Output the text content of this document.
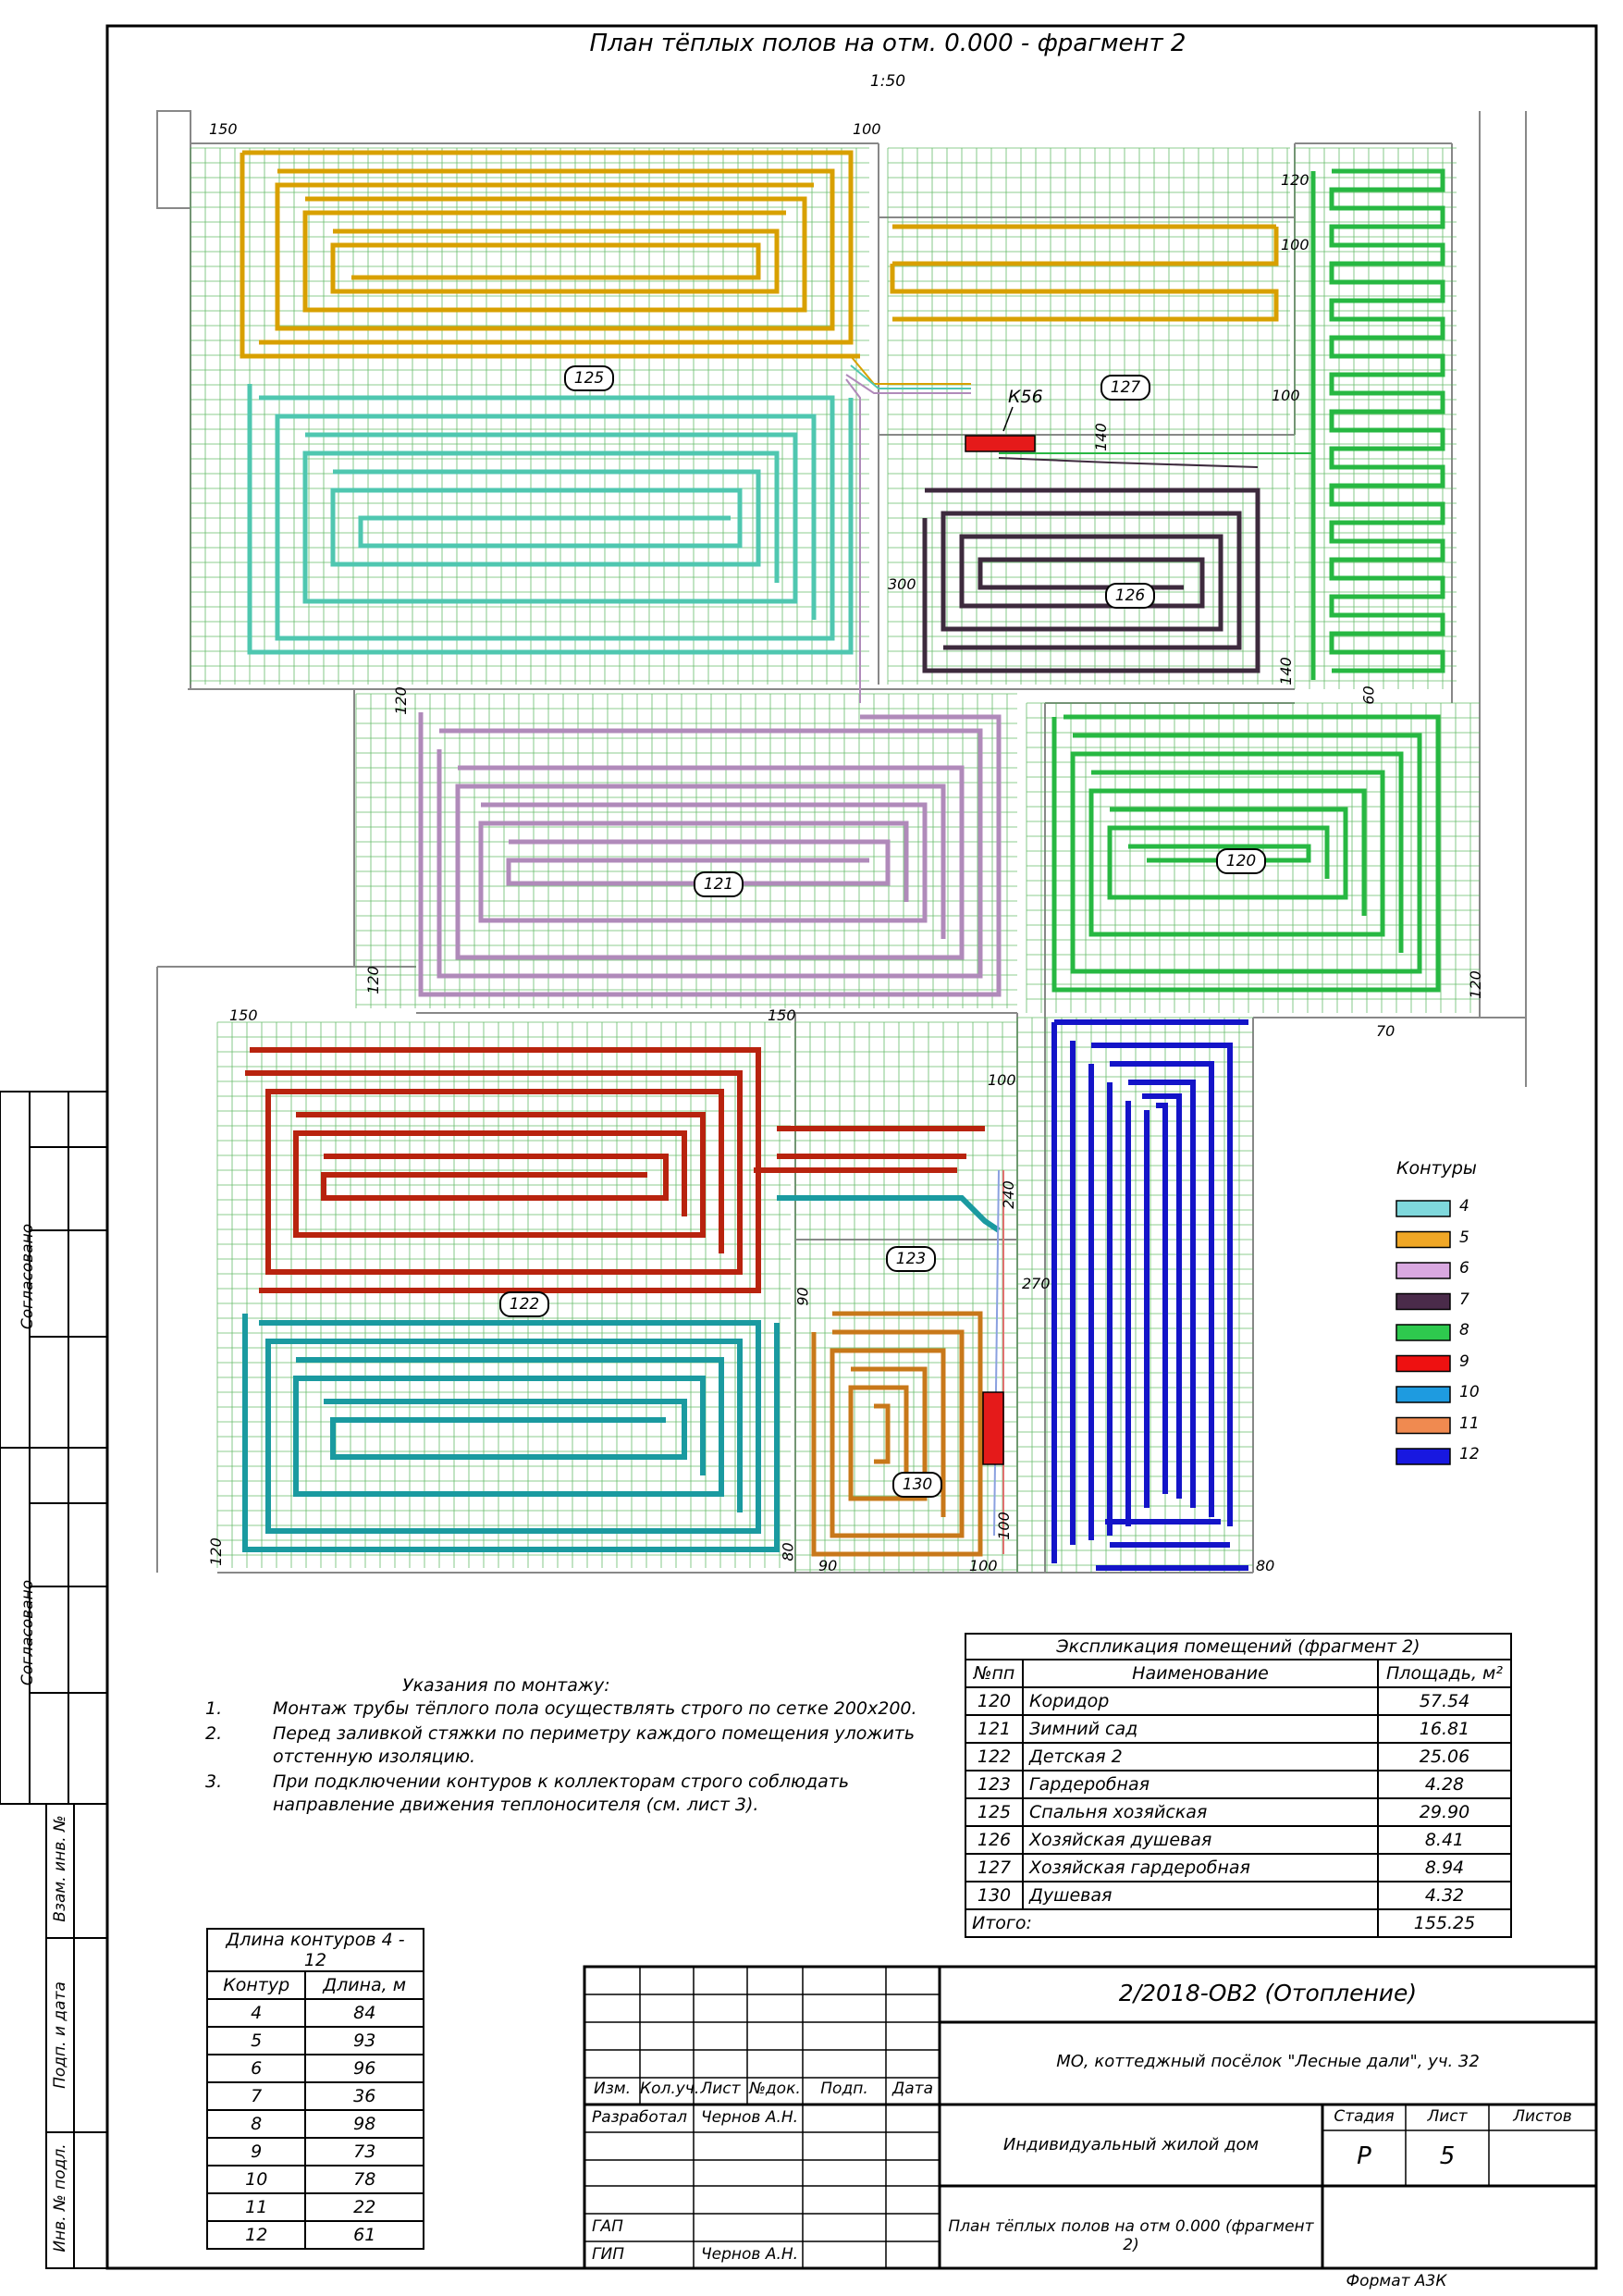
План тёплых полов на отм. 0.000 - фрагмент 2
1:50
125	127
126
121
120
122
123
130
К56
150	100
120
100
100
140
300
140
60
120
120	120
150	150
100
240
270
90
120	80
90	100
100
80
70
Контуры
4
5
6
7
8
9
10
11
12
Указания по монтажу:
1.	Монтаж трубы тёплого пола осуществлять строго по сетке 200х200.
2.	Перед заливкой стяжки по периметру каждого помещения уложить
отстенную изоляцию.
3.	При подключении контуров к коллекторам строго соблюдать
направление движения теплоносителя (см. лист 3).
Экспликация помещений (фрагмент 2)		
№пп	Наименование	Площадь, м²
120	Коридор	57.54
121	Зимний сад	16.81
122	Детская 2	25.06
123	Гардеробная	4.28
125	Спальня хозяйская	29.90
126	Хозяйская душевая	8.41
127	Хозяйская гардеробная	8.94
130	Душевая	4.32
Итого:		155.25
Длина контуров 4 - 12	
Контур	Длина, м
4	84
5	93
6	96
7	36
8	98
9	73
10	78
11	22
12	61
2/2018-ОВ2 (Отопление)
МО, коттеджный посёлок "Лесные дали", уч. 32
Индивидуальный жилой дом
План тёплых полов на отм 0.000 (фрагмент 2)
Изм. Кол.уч. Лист №док.	Подп.	Дата
Разработал Чернов А.Н.
ГАП
ГИП	Чернов А.Н.
Стадия	Лист	Листов
Р	5
Формат А3К
Согласовано
Согласовано
Взам. инв. №
Подп. и дата
Инв. № подл.
